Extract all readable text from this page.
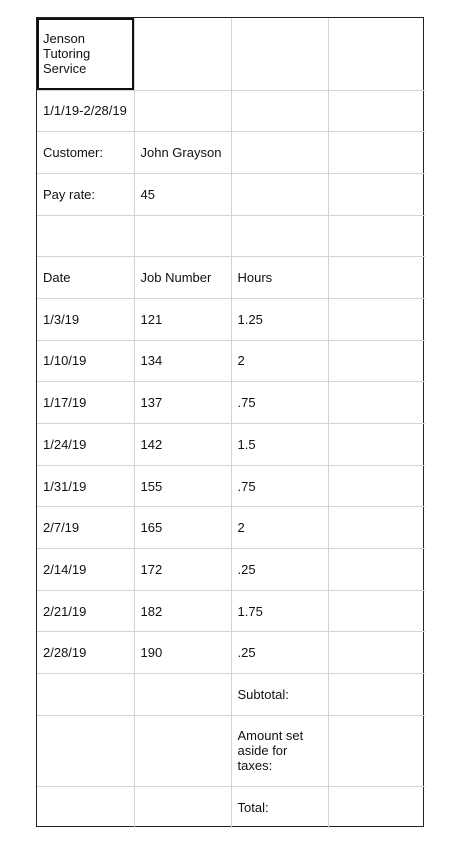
Jenson
Tutoring
Service			

1/1/19-2/28/19			
Customer:	John Grayson		
Pay rate:	45		

Date	Job Number	Hours	
1/3/19	121	1.25	
1/10/19	134	2	
1/17/19	137	.75	
1/24/19	142	1.5	
1/31/19	155	.75	
2/7/19	165	2	
2/14/19	172	.25	
2/21/19	182	1.75	
2/28/19	190	.25	
		Subtotal:	

		Amount set
aside for
taxes:	

		Total:	
